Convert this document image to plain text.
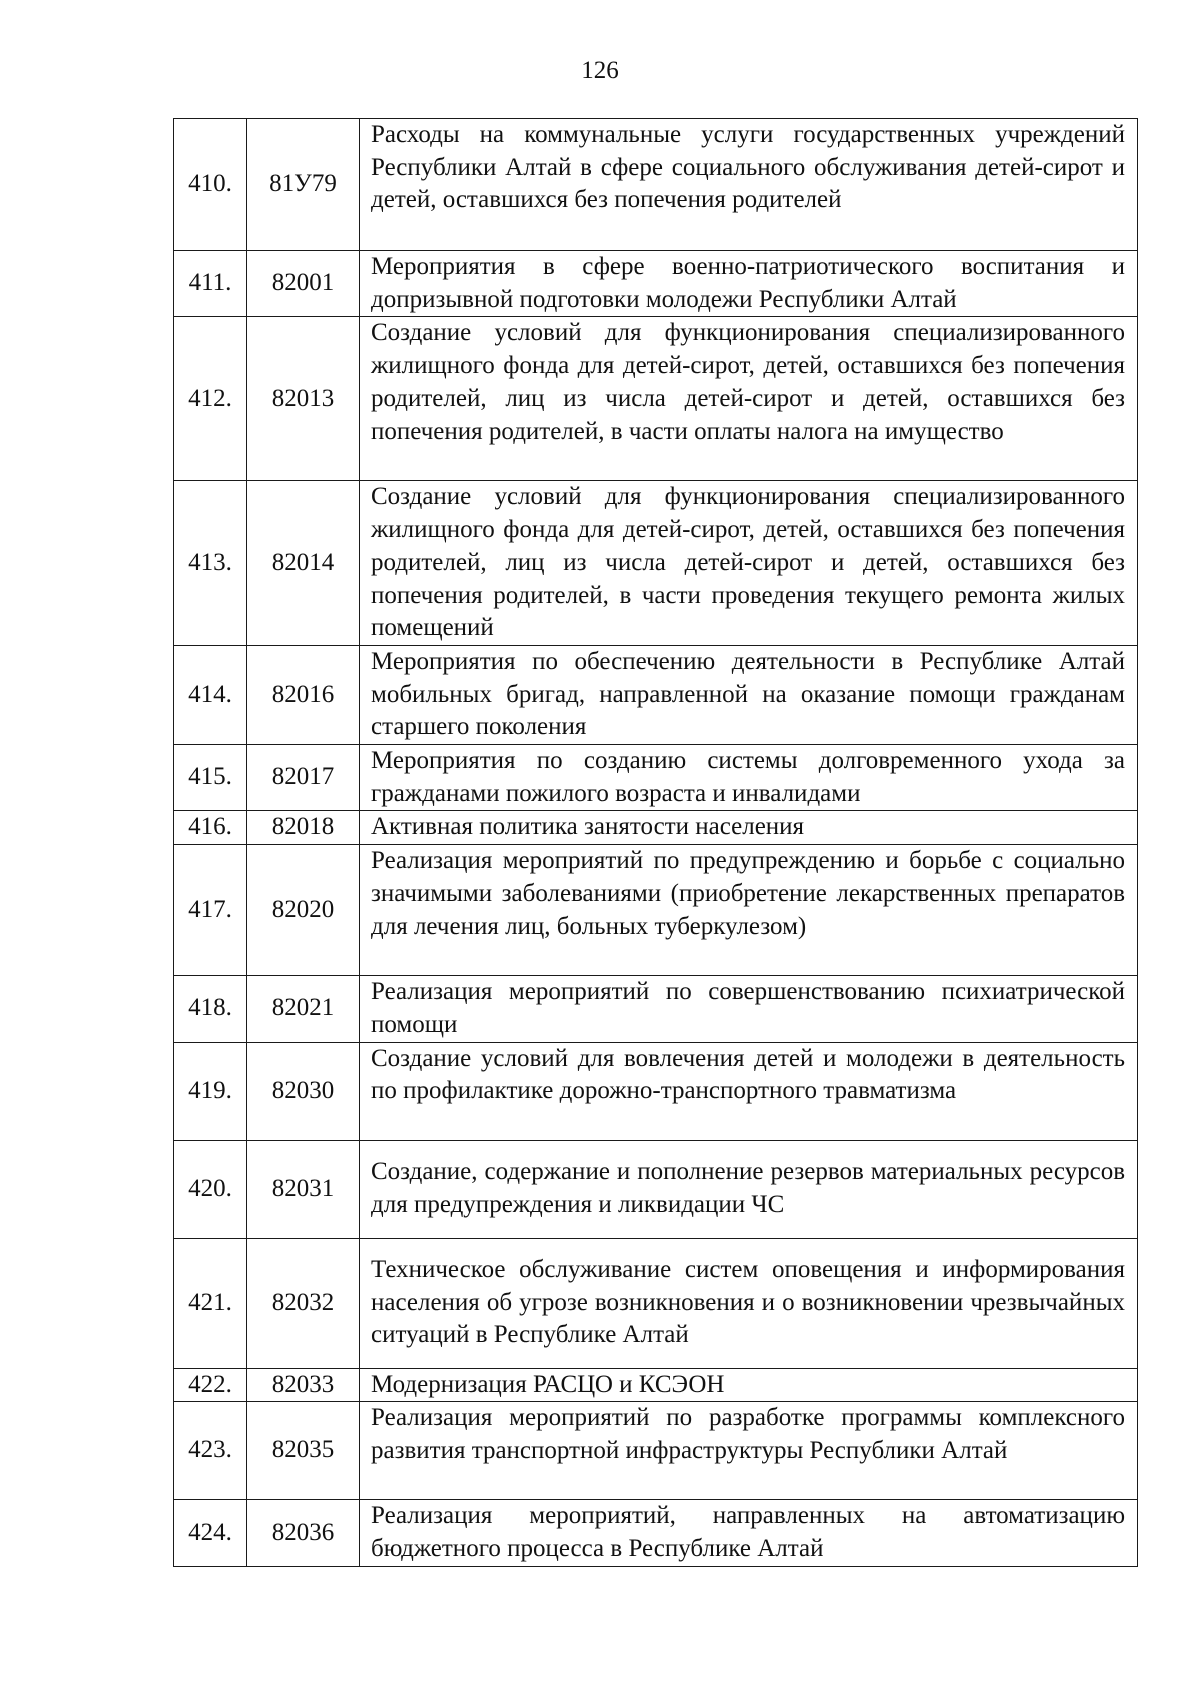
126
410.	81У79	Расходы на коммунальные услуги государственных учреждений Республики Алтай в сфере социального обслуживания детей-сирот и детей, оставшихся без попечения родителей
411.	82001	Мероприятия в сфере военно-патриотического воспитания и допризывной подготовки молодежи Республики Алтай
412.	82013	Создание условий для функционирования специализированного жилищного фонда для детей-сирот, детей, оставшихся без попечения родителей, лиц из числа детей-сирот и детей, оставшихся без попечения родителей, в части оплаты налога на имущество
413.	82014	Создание условий для функционирования специализированного жилищного фонда для детей-сирот, детей, оставшихся без попечения родителей, лиц из числа детей-сирот и детей, оставшихся без попечения родителей, в части проведения текущего ремонта жилых помещений
414.	82016	Мероприятия по обеспечению деятельности в Республике Алтай мобильных бригад, направленной на оказание помощи гражданам старшего поколения
415.	82017	Мероприятия по созданию системы долговременного ухода за гражданами пожилого возраста и инвалидами
416.	82018	Активная политика занятости населения
417.	82020	Реализация мероприятий по предупреждению и борьбе с социально значимыми заболеваниями (приобретение лекарственных препаратов для лечения лиц, больных туберкулезом)
418.	82021	Реализация мероприятий по совершенствованию психиатрической помощи
419.	82030	Создание условий для вовлечения детей и молодежи в деятельность по профилактике дорожно-транспортного травматизма
420.	82031	Создание, содержание и пополнение резервов материальных ресурсов для предупреждения и ликвидации ЧС
421.	82032	Техническое обслуживание систем оповещения и информирования населения об угрозе возникновения и о возникновении чрезвычайных ситуаций в Республике Алтай
422.	82033	Модернизация РАСЦО и КСЭОН
423.	82035	Реализация мероприятий по разработке программы комплексного развития транспортной инфраструктуры Республики Алтай
424.	82036	Реализация мероприятий, направленных на автоматизацию бюджетного процесса в Республике Алтай
